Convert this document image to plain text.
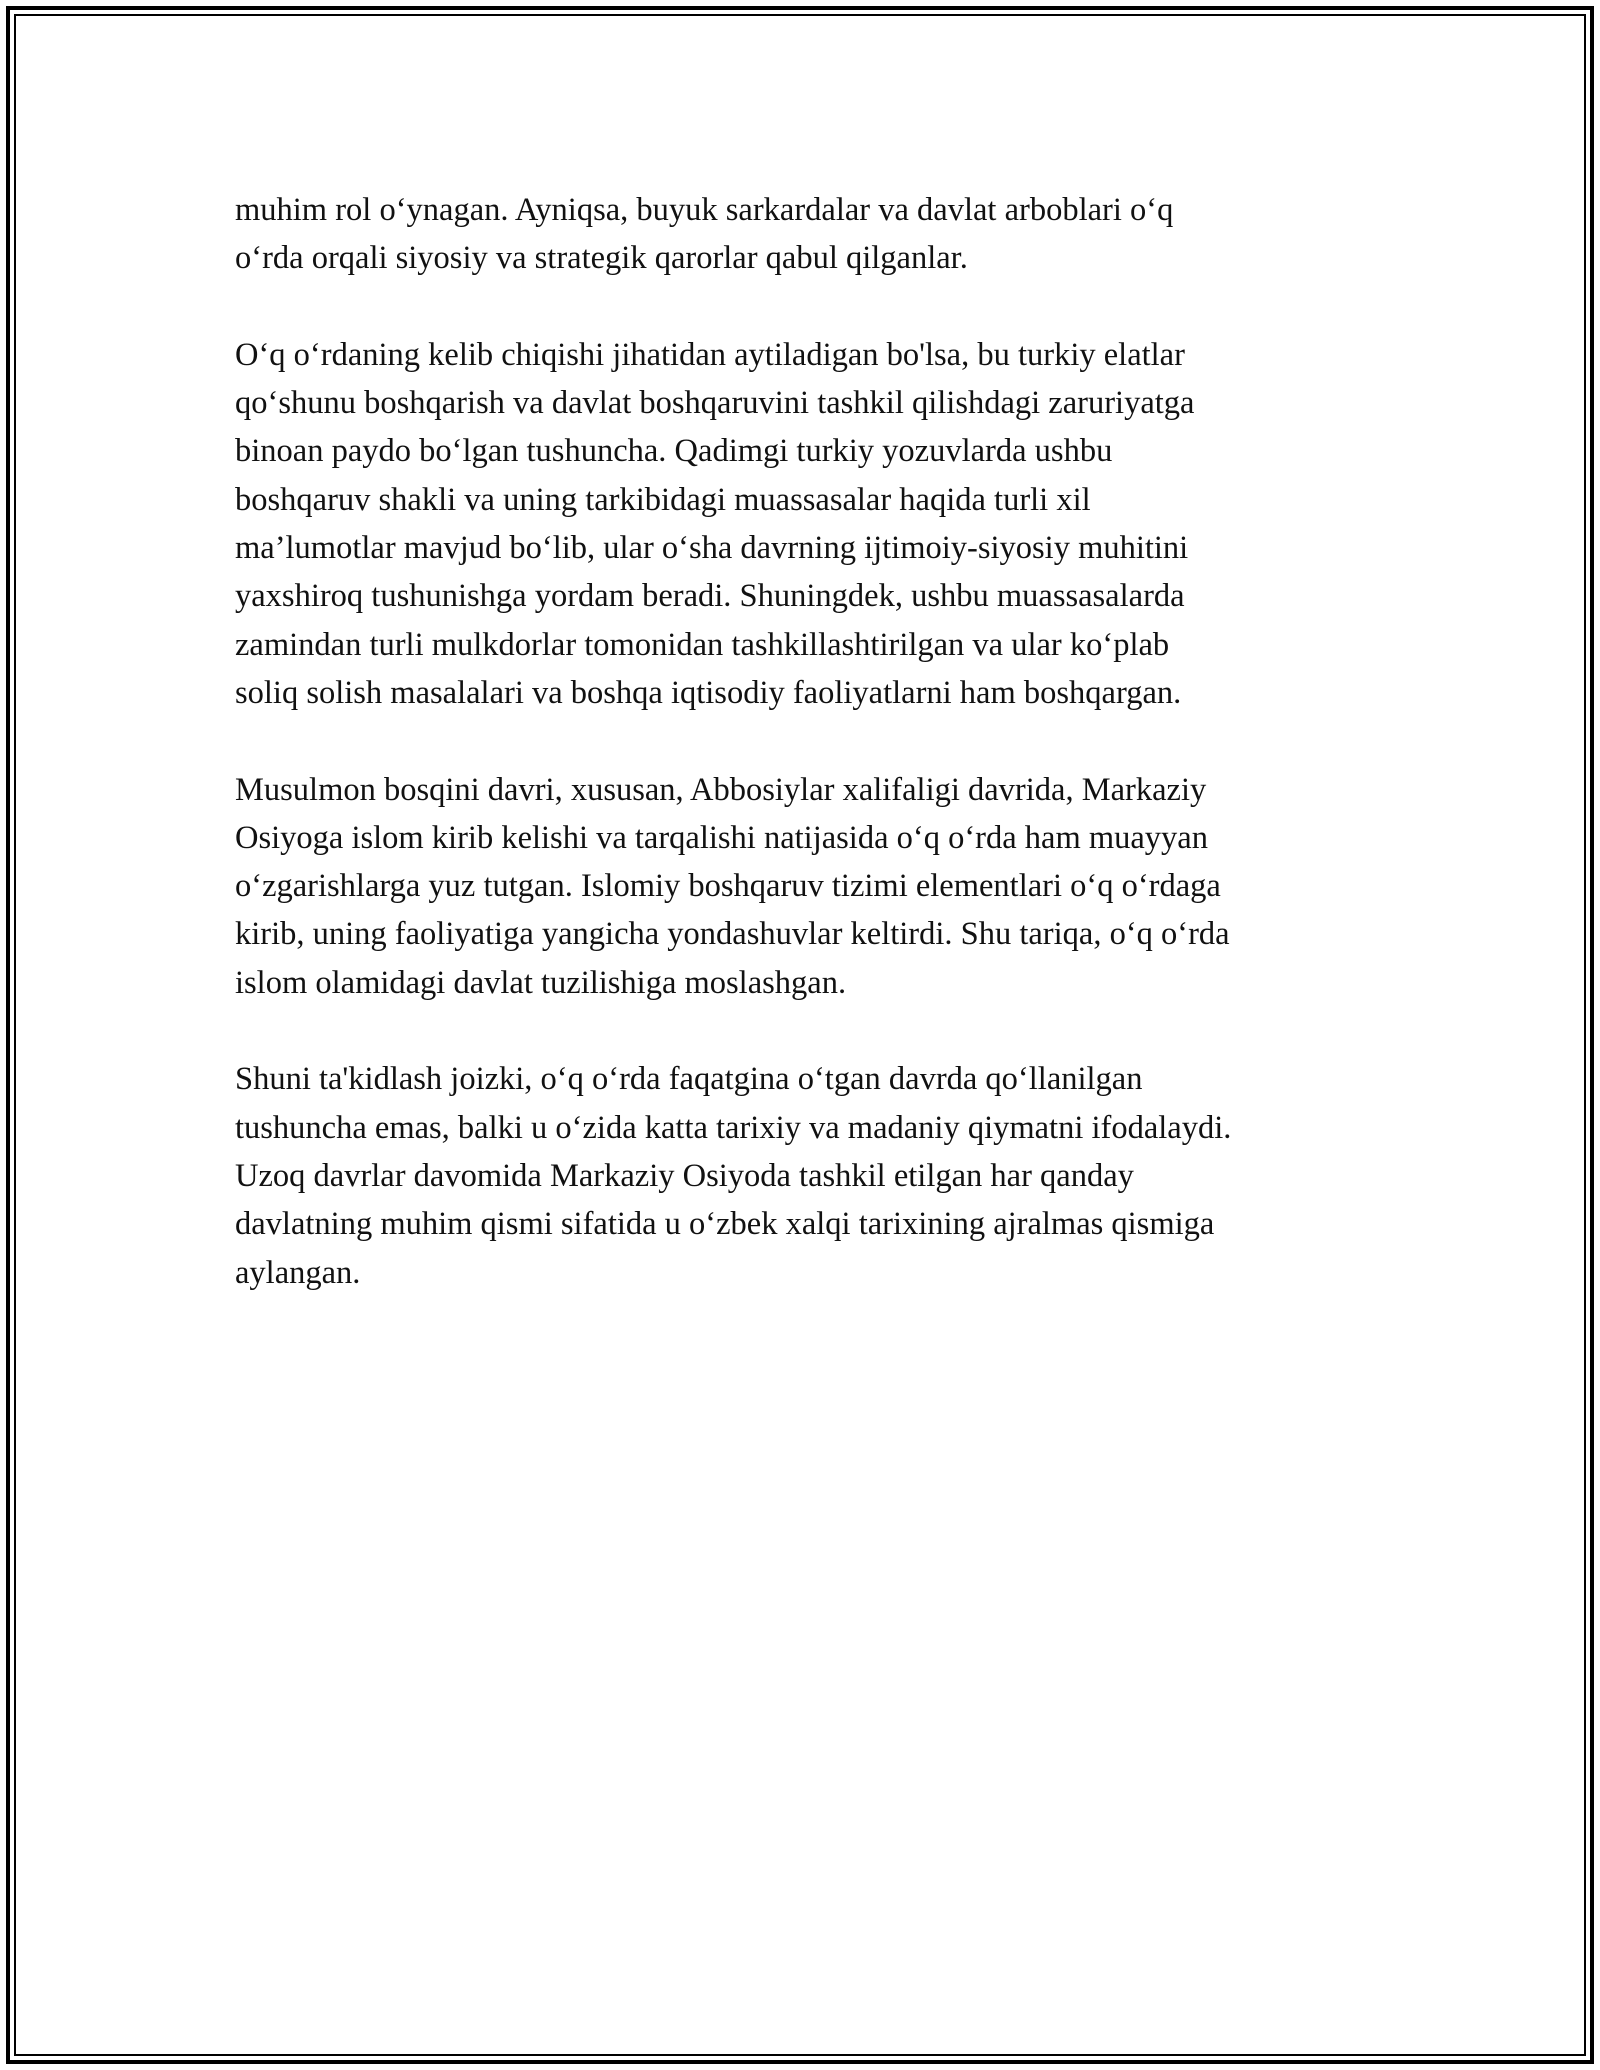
muhim rol o‘ynagan. Ayniqsa, buyuk sarkardalar va davlat arboblari o‘q
o‘rda orqali siyosiy va strategik qarorlar qabul qilganlar.

O‘q o‘rdaning kelib chiqishi jihatidan aytiladigan bo'lsa, bu turkiy elatlar
qo‘shunu boshqarish va davlat boshqaruvini tashkil qilishdagi zaruriyatga
binoan paydo bo‘lgan tushuncha. Qadimgi turkiy yozuvlarda ushbu
boshqaruv shakli va uning tarkibidagi muassasalar haqida turli xil
ma’lumotlar mavjud bo‘lib, ular o‘sha davrning ijtimoiy-siyosiy muhitini
yaxshiroq tushunishga yordam beradi. Shuningdek, ushbu muassasalarda
zamindan turli mulkdorlar tomonidan tashkillashtirilgan va ular ko‘plab
soliq solish masalalari va boshqa iqtisodiy faoliyatlarni ham boshqargan.

Musulmon bosqini davri, xususan, Abbosiylar xalifaligi davrida, Markaziy
Osiyoga islom kirib kelishi va tarqalishi natijasida o‘q o‘rda ham muayyan
o‘zgarishlarga yuz tutgan. Islomiy boshqaruv tizimi elementlari o‘q o‘rdaga
kirib, uning faoliyatiga yangicha yondashuvlar keltirdi. Shu tariqa, o‘q o‘rda
islom olamidagi davlat tuzilishiga moslashgan.

Shuni ta'kidlash joizki, o‘q o‘rda faqatgina o‘tgan davrda qo‘llanilgan
tushuncha emas, balki u o‘zida katta tarixiy va madaniy qiymatni ifodalaydi.
Uzoq davrlar davomida Markaziy Osiyoda tashkil etilgan har qanday
davlatning muhim qismi sifatida u o‘zbek xalqi tarixining ajralmas qismiga
aylangan.
